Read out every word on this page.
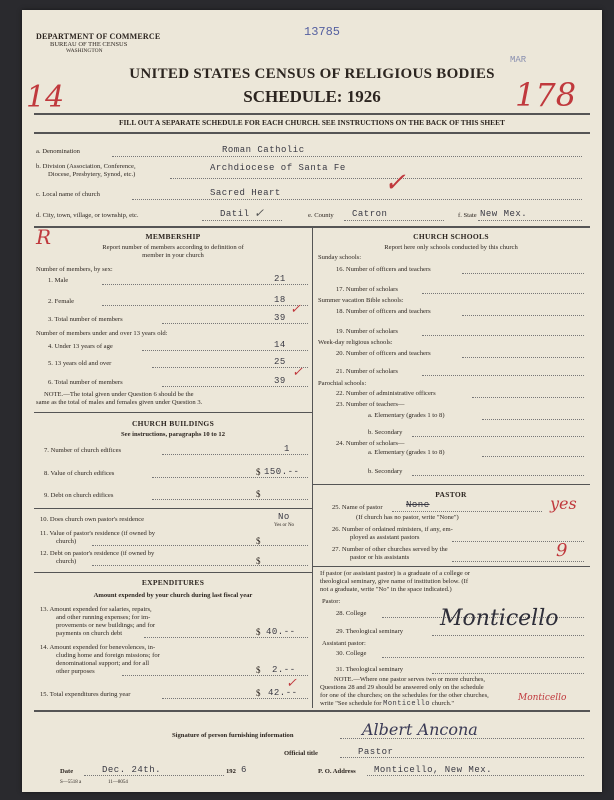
DEPARTMENT OF COMMERCE
BUREAU OF THE CENSUS
WASHINGTON
13785
MAR
UNITED STATES CENSUS OF RELIGIOUS BODIES
SCHEDULE: 1926
14	178
FILL OUT A SEPARATE SCHEDULE FOR EACH CHURCH. SEE INSTRUCTIONS ON THE BACK OF THIS SHEET
a. Denomination	Roman Catholic
b. Division (Association, Conference,
Diocese, Presbytery, Synod, etc.)
Archdiocese of Santa Fe
c. Local name of church	Sacred Heart	✓
d. City, town, village, or township, etc.	Datil ✓	e. County Catron	f. State New Mex.
R	MEMBERSHIP
Report number of members according to definition of
member in your church
Number of members, by sex:
1. Male	21
2. Female	18
3. Total number of members	39
✓
Number of members under and over 13 years old:
4. Under 13 years of age	14
5. 13 years old and over	25
6. Total number of members	39
✓
NOTE.—The total given under Question 6 should be the
same as the total of males and females given under Question 3.
CHURCH BUILDINGS
See instructions, paragraphs 10 to 12
7. Number of church edifices	1
8. Value of church edifices	$ 150.--
9. Debt on church edifices	$
10. Does church own pastor's residence	No
Yes or No
11. Value of pastor's residence (if owned by
church)	$
12. Debt on pastor's residence (if owned by
church)	$
EXPENDITURES
Amount expended by your church during last fiscal year
13. Amount expended for salaries, repairs,
and other running expenses; for im-
provements or new buildings; and for
payments on church debt	$ 40.--
14. Amount expended for benevolences, in-
cluding home and foreign missions; for
denominational support; and for all
other purposes	$ 2.--
15. Total expenditures during year	$ 42.--
✓
CHURCH SCHOOLS
Report here only schools conducted by this church
Sunday schools:
16. Number of officers and teachers
17. Number of scholars
Summer vacation Bible schools:
18. Number of officers and teachers
19. Number of scholars
Week-day religious schools:
20. Number of officers and teachers
21. Number of scholars
Parochial schools:
22. Number of administrative officers
23. Number of teachers—
a. Elementary (grades 1 to 8)
b. Secondary
24. Number of scholars—
a. Elementary (grades 1 to 8)
b. Secondary
PASTOR
25. Name of pastor	None	yes
(If church has no pastor, write "None")
26. Number of ordained ministers, if any, em-
ployed as assistant pastors
27. Number of other churches served by the
pastor or his assistants	9
If pastor (or assistant pastor) is a graduate of a college or
theological seminary, give name of institution below. (If
not a graduate, write "No" in the space indicated.)
Pastor:
28. College
29. Theological seminary
Monticello
Assistant pastor:
30. College
31. Theological seminary
NOTE.—Where one pastor serves two or more churches,
Questions 28 and 29 should be answered only on the schedule
for one of the churches; on the schedules for the other churches,
write "See schedule for Monticello church."
Monticello
Signature of person furnishing information	Albert Ancona
Official title	Pastor
Date	Dec. 24th.	192 6	P. O. Address Monticello, New Mex.
S—5518 a	11—8054
